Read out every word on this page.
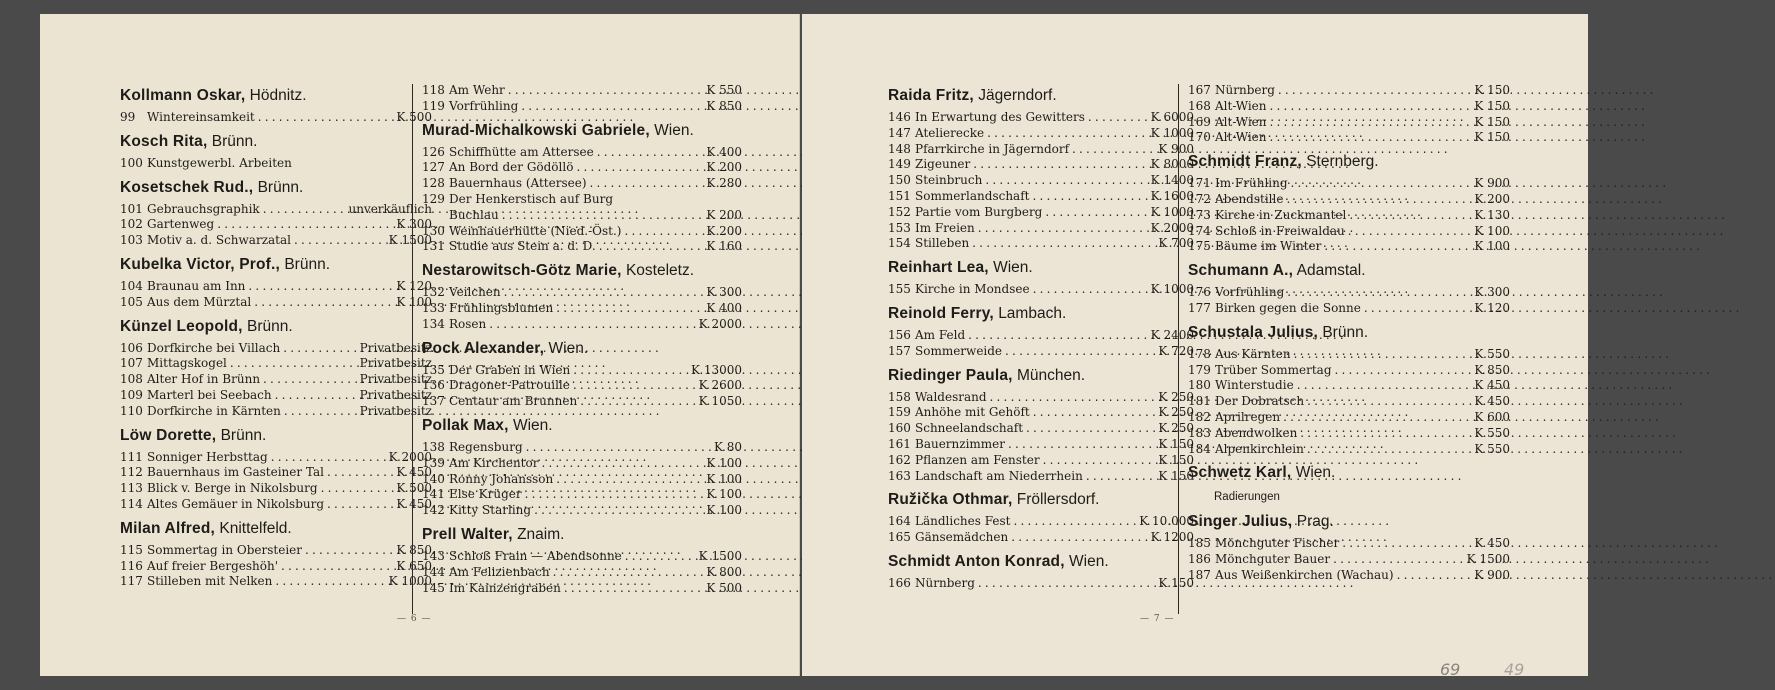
Kollmann Oskar, Hödnitz.
99 Wintereinsamkeit .....	K 500
Kosch Rita, Brünn.
100 Kunstgewerbl. Arbeiten
Kosetschek Rud., Brünn.
101 Gebrauchsgraphik .....	unverkäuflich
102 Gartenweg .....	K 300
103 Motiv a. d. Schwarzatal .....	K 1500
Kubelka Victor, Prof., Brünn.
104 Braunau am Inn .....	K 120
105 Aus dem Mürztal .....	K 100
Künzel Leopold, Brünn.
106 Dorfkirche bei Villach .....	Privatbesitz
107 Mittagskogel .....	Privatbesitz
108 Alter Hof in Brünn .....	Privatbesitz
109 Marterl bei Seebach .....	Privatbesitz
110 Dorfkirche in Kärnten .....	Privatbesitz
Löw Dorette, Brünn.
111 Sonniger Herbsttag .....	K 2000
112 Bauernhaus im Gasteiner Tal .....	K 450
113 Blick v. Berge in Nikolsburg .....	K 500
114 Altes Gemäuer in Nikolsburg .....	K 450
Milan Alfred, Knittelfeld.
115 Sommertag in Obersteier .....	K 850
116 Auf freier Bergeshöh' .....	K 650
117 Stilleben mit Nelken .....	K 1000
118 Am Wehr .....	K 550
119 Vorfrühling .....	K 850
Murad-Michalkowski Gabriele, Wien.
126 Schiffhütte am Attersee .....	K 400
127 An Bord der Gödöllö .....	K 200
128 Bauernhaus (Attersee) .....	K 280
129 Der Henkerstisch auf Burg
Buchlau .....	K 200
130 Weinhauerhütte (Nied.-Öst.) .....	K 200
131 Studie aus Stein a. d. D. .....	K 160
Nestarowitsch-Götz Marie, Kosteletz.
132 Veilchen .....	K 300
133 Frühlingsblumen .....	K 400
134 Rosen .....	K 2000
Pock Alexander, Wien.
135 Der Graben in Wien .....	K 13000
136 Dragoner-Patrouille .....	K 2600
137 Centaur am Brunnen .....	K 1050
Pollak Max, Wien.
138 Regensburg .....	K 80
139 Am Kirchentor .....	K 100
140 Ronny Johansson .....	K 100
141 Else Krüger .....	K 100
142 Kitty Starling .....	K 100
Prell Walter, Znaim.
143 Schloß Frain — Abendsonne .....	K 1500
144 Am Felizienbach .....	K 800
145 Im Kainzengraben .....	K 500
— 6 —
Raida Fritz, Jägerndorf.
146 In Erwartung des Gewitters .....	K 6000
147 Atelierecke .....	K 1000
148 Pfarrkirche in Jägerndorf .....	K 900
149 Zigeuner .....	K 8000
150 Steinbruch .....	K 1400
151 Sommerlandschaft .....	K 1600
152 Partie vom Burgberg .....	K 1000
153 Im Freien .....	K 2000
154 Stilleben .....	K 700
Reinhart Lea, Wien.
155 Kirche in Mondsee .....	K 1000
Reinold Ferry, Lambach.
156 Am Feld .....	K 2400
157 Sommerweide .....	K 720
Riedinger Paula, München.
158 Waldesrand .....	K 250
159 Anhöhe mit Gehöft .....	K 250
160 Schneelandschaft .....	K 250
161 Bauernzimmer .....	K 150
162 Pflanzen am Fenster .....	K 150
163 Landschaft am Niederrhein .....	K 150
Ružička Othmar, Fröllersdorf.
164 Ländliches Fest .....	K 10.000
165 Gänsemädchen .....	K 1200
Schmidt Anton Konrad, Wien.
166 Nürnberg .....	K 150
167 Nürnberg .....	K 150
168 Alt-Wien .....	K 150
169 Alt-Wien .....	K 150
170 Alt-Wien .....	K 150
Schmidt Franz, Sternberg.
171 Im Frühling .....	K 900
172 Abendstille .....	K 200
173 Kirche in Zuckmantel .....	K 130
174 Schloß in Freiwaldau .....	K 100
175 Bäume im Winter .....	K 100
Schumann A., Adamstal.
176 Vorfrühling .....	K 300
177 Birken gegen die Sonne .....	K 120
Schustala Julius, Brünn.
178 Aus Kärnten .....	K 550
179 Trüber Sommertag .....	K 850
180 Winterstudie .....	K 450
181 Der Dobratsch .....	K 450
182 Aprilregen .....	K 600
183 Abendwolken .....	K 550
184 Alpenkirchlein .....	K 550
Schwetz Karl, Wien.
Radierungen
Singer Julius, Prag.
185 Mönchguter Fischer .....	K 450
186 Mönchguter Bauer .....	K 1500
187 Aus Weißenkirchen (Wachau) .....	K 900
— 7 —
69	49
